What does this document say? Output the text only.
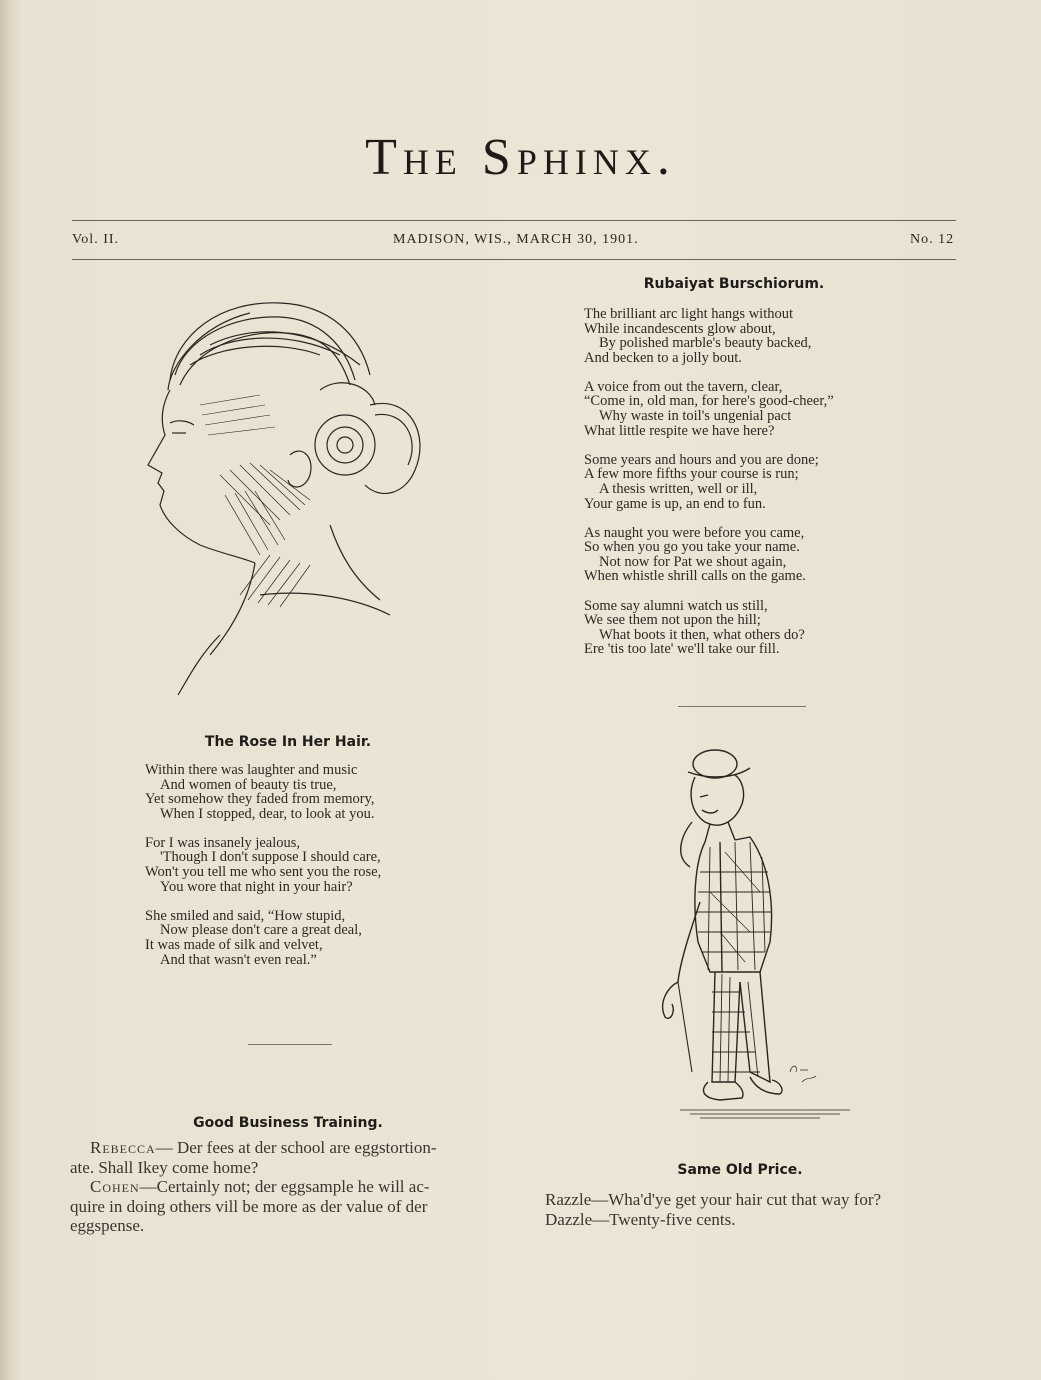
The Sphinx.
Vol. II.	MADISON, WIS., MARCH 30, 1901.	No. 12
Rubaiyat Burschiorum.
The brilliant arc light hangs without
While incandescents glow about,
By polished marble's beauty backed,
And becken to a jolly bout.
A voice from out the tavern, clear,
“Come in, old man, for here's good-cheer,”
Why waste in toil's ungenial pact
What little respite we have here?
Some years and hours and you are done;
A few more fifths your course is run;
A thesis written, well or ill,
Your game is up, an end to fun.
As naught you were before you came,
So when you go you take your name.
Not now for Pat we shout again,
When whistle shrill calls on the game.
Some say alumni watch us still,
We see them not upon the hill;
What boots it then, what others do?
Ere 'tis too late' we'll take our fill.
The Rose In Her Hair.
Within there was laughter and music
And women of beauty tis true,
Yet somehow they faded from memory,
When I stopped, dear, to look at you.
For I was insanely jealous,
'Though I don't suppose I should care,
Won't you tell me who sent you the rose,
You wore that night in your hair?
She smiled and said, “How stupid,
Now please don't care a great deal,
It was made of silk and velvet,
And that wasn't even real.”
Good Business Training.
Rebecca— Der fees at der school are eggstortion-
ate. Shall Ikey come home?
Cohen—Certainly not; der eggsample he will ac-
quire in doing others vill be more as der value of der
eggspense.
Same Old Price.
Razzle—Wha'd'ye get your hair cut that way for?
Dazzle—Twenty-five cents.
